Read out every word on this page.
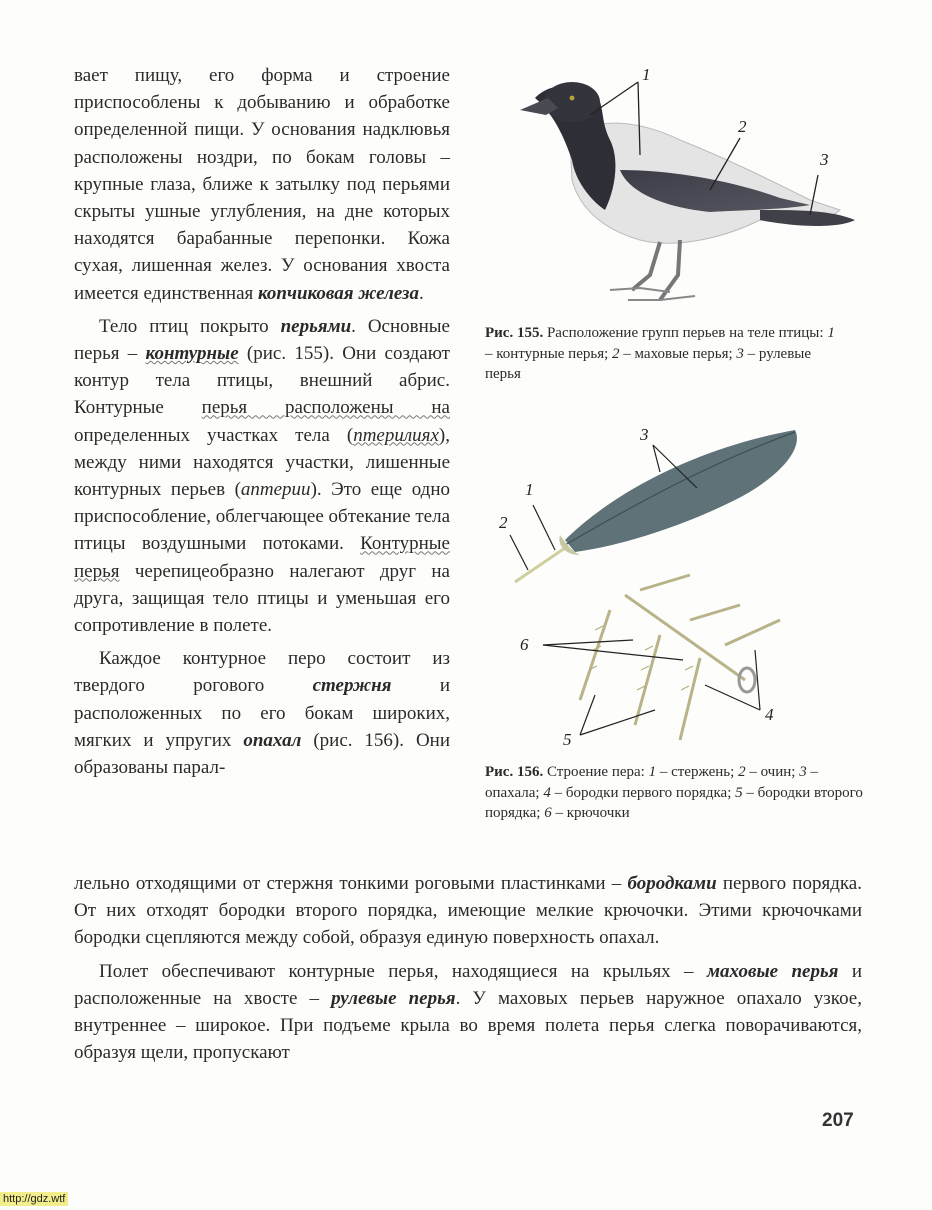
вает пищу, его форма и строение приспособлены к добыванию и обработке определенной пищи. У основания надклювья расположены ноздри, по бокам головы – крупные глаза, ближе к затылку под перьями скрыты ушные углубления, на дне которых находятся барабанные перепонки. Кожа сухая, лишенная желез. У основания хвоста имеется единственная копчиковая железа.

Тело птиц покрыто перьями. Основные перья – контурные (рис. 155). Они создают контур тела птицы, внешний абрис. Контурные перья расположены на определенных участках тела (птерилиях), между ними находятся участки, лишенные контурных перьев (аптерии). Это еще одно приспособление, облегчающее обтекание тела птицы воздушными потоками. Контурные перья черепицеобразно налегают друг на друга, защищая тело птицы и уменьшая его сопротивление в полете.

Каждое контурное перо состоит из твердого рогового стержня и расположенных по его бокам широких, мягких и упругих опахал (рис. 156). Они образованы парал-

1
2
3
Рис. 155. Расположение групп перьев на теле птицы: 1 – контурные перья; 2 – маховые перья; 3 – рулевые перья
1
2
3
4
5
6
Рис. 156. Строение пера: 1 – стержень; 2 – очин; 3 – опахала; 4 – бородки первого порядка; 5 – бородки второго порядка; 6 – крючочки

лельно отходящими от стержня тонкими роговыми пластинками – бородками первого порядка. От них отходят бородки второго порядка, имеющие мелкие крючочки. Этими крючочками бородки сцепляются между собой, образуя единую поверхность опахал.

Полет обеспечивают контурные перья, находящиеся на крыльях – маховые перья и расположенные на хвосте – рулевые перья. У маховых перьев наружное опахало узкое, внутреннее – широкое. При подъеме крыла во время полета перья слегка поворачиваются, образуя щели, пропускают

207
http://gdz.wtf
